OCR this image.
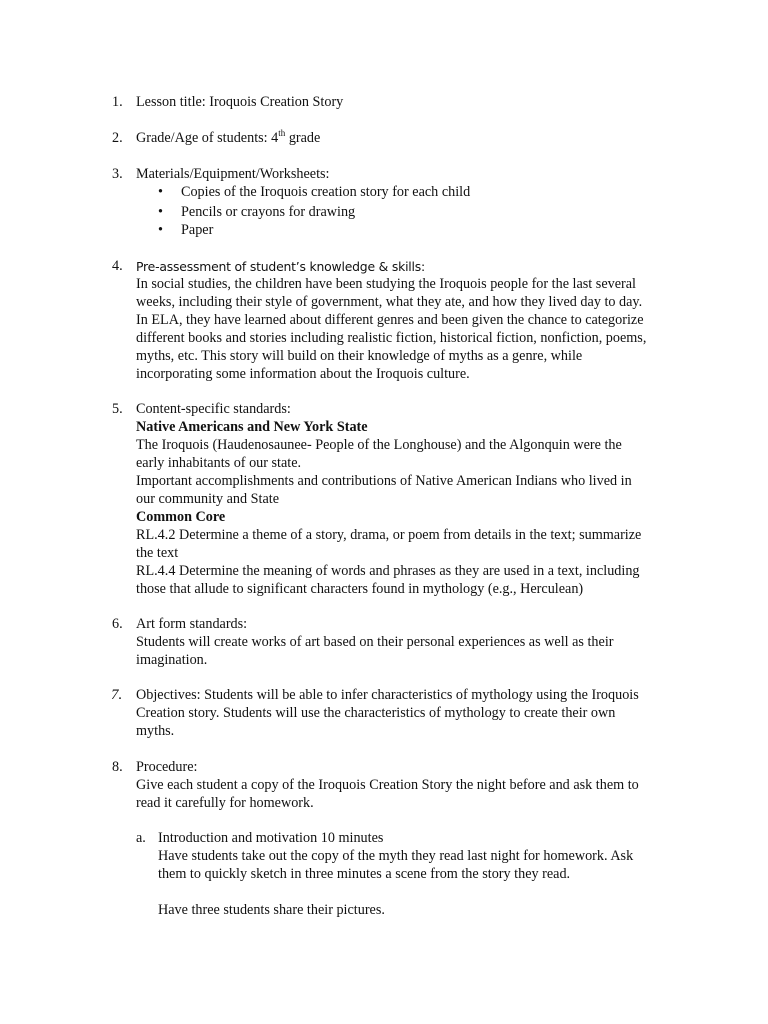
1. Lesson title: Iroquois Creation Story
2. Grade/Age of students: 4th grade
3. Materials/Equipment/Worksheets:
• Copies of the Iroquois creation story for each child
• Pencils or crayons for drawing
• Paper
4. Pre-assessment of student’s knowledge & skills:
In social studies, the children have been studying the Iroquois people for the last several
weeks, including their style of government, what they ate, and how they lived day to day.
In ELA, they have learned about different genres and been given the chance to categorize
different books and stories including realistic fiction, historical fiction, nonfiction, poems,
myths, etc. This story will build on their knowledge of myths as a genre, while
incorporating some information about the Iroquois culture.
5. Content-specific standards:
Native Americans and New York State
The Iroquois (Haudenosaunee- People of the Longhouse) and the Algonquin were the
early inhabitants of our state.
Important accomplishments and contributions of Native American Indians who lived in
our community and State
Common Core
RL.4.2 Determine a theme of a story, drama, or poem from details in the text; summarize
the text
RL.4.4 Determine the meaning of words and phrases as they are used in a text, including
those that allude to significant characters found in mythology (e.g., Herculean)
6. Art form standards:
Students will create works of art based on their personal experiences as well as their
imagination.
7. Objectives: Students will be able to infer characteristics of mythology using the Iroquois
Creation story. Students will use the characteristics of mythology to create their own
myths.
8. Procedure:
Give each student a copy of the Iroquois Creation Story the night before and ask them to
read it carefully for homework.
a. Introduction and motivation 10 minutes
Have students take out the copy of the myth they read last night for homework. Ask
them to quickly sketch in three minutes a scene from the story they read.
Have three students share their pictures.
